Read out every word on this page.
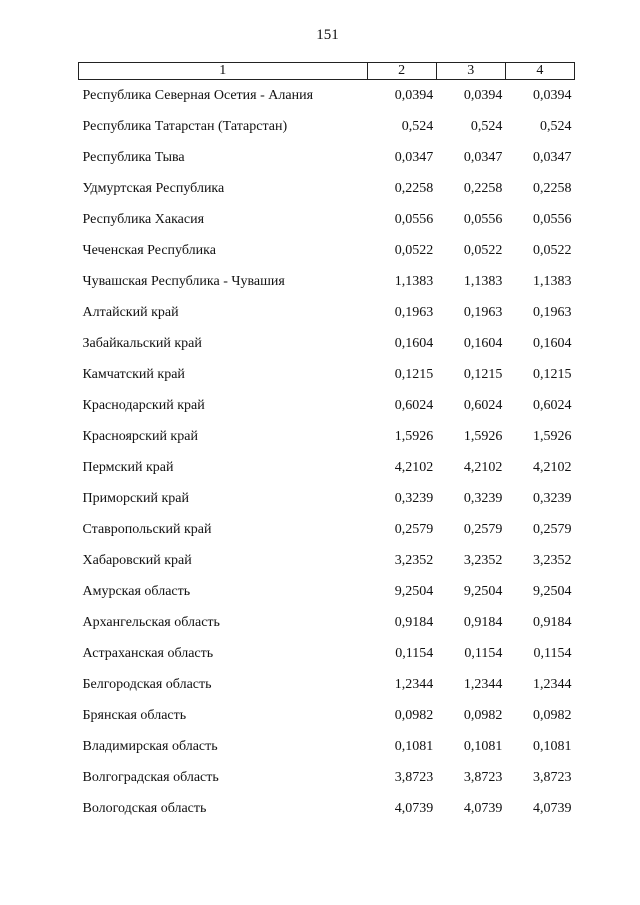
151
1	2	3	4
Республика Северная Осетия - Алания	0,0394	0,0394	0,0394
Республика Татарстан (Татарстан)	0,524	0,524	0,524
Республика Тыва	0,0347	0,0347	0,0347
Удмуртская Республика	0,2258	0,2258	0,2258
Республика Хакасия	0,0556	0,0556	0,0556
Чеченская Республика	0,0522	0,0522	0,0522
Чувашская Республика - Чувашия	1,1383	1,1383	1,1383
Алтайский край	0,1963	0,1963	0,1963
Забайкальский край	0,1604	0,1604	0,1604
Камчатский край	0,1215	0,1215	0,1215
Краснодарский край	0,6024	0,6024	0,6024
Красноярский край	1,5926	1,5926	1,5926
Пермский край	4,2102	4,2102	4,2102
Приморский край	0,3239	0,3239	0,3239
Ставропольский край	0,2579	0,2579	0,2579
Хабаровский край	3,2352	3,2352	3,2352
Амурская область	9,2504	9,2504	9,2504
Архангельская область	0,9184	0,9184	0,9184
Астраханская область	0,1154	0,1154	0,1154
Белгородская область	1,2344	1,2344	1,2344
Брянская область	0,0982	0,0982	0,0982
Владимирская область	0,1081	0,1081	0,1081
Волгоградская область	3,8723	3,8723	3,8723
Вологодская область	4,0739	4,0739	4,0739
